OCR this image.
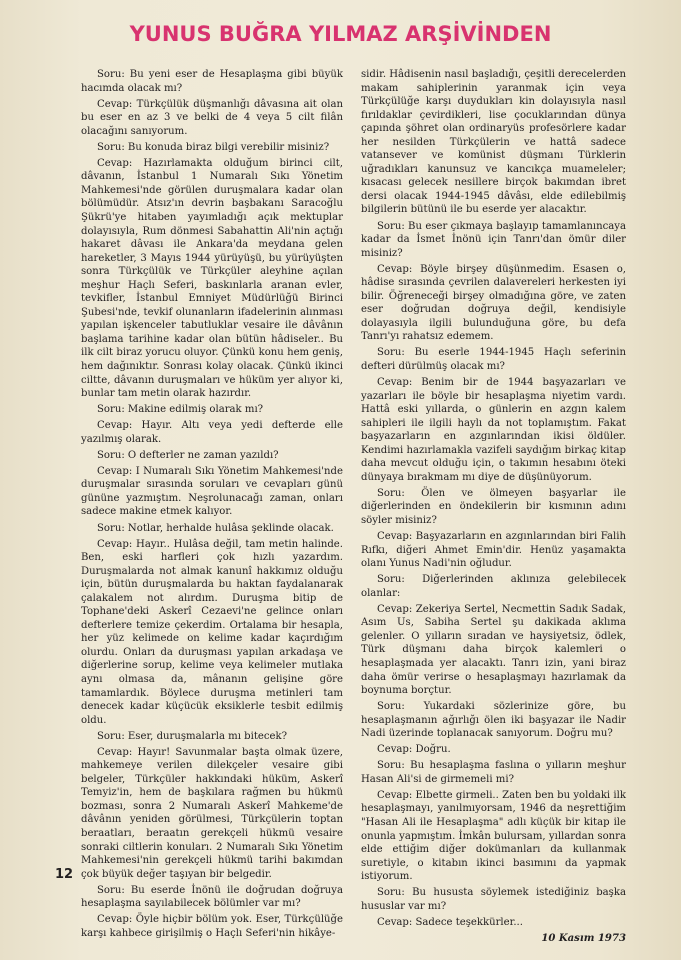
YUNUS BUĞRA YILMAZ ARŞİVİNDEN

Soru: Bu yeni eser de Hesaplaşma gibi büyük hacımda olacak mı?

Cevap: Türkçülük düşmanlığı dâvasına ait olan bu eser en az 3 ve belki de 4 veya 5 cilt filân olacağını sanıyorum.

Soru: Bu konuda biraz bilgi verebilir misiniz?

Cevap: Hazırlamakta olduğum birinci cilt, dâvanın, İstanbul 1 Numaralı Sıkı Yönetim Mahkemesi'nde görülen duruşmalara kadar olan bölümüdür. Atsız'ın devrin başbakanı Saracoğlu Şükrü'ye hitaben yayımladığı açık mektuplar dolayısıyla, Rum dönmesi Sabahattin Ali'nin açtığı hakaret dâvası ile Ankara'da meydana gelen hareketler, 3 Mayıs 1944 yürüyüşü, bu yürüyüşten sonra Türkçülük ve Türkçüler aleyhine açılan meşhur Haçlı Seferi, baskınlarla aranan evler, tevkifler, İstanbul Emniyet Müdürlüğü Birinci Şubesi'nde, tevkif olunanların ifadelerinin alınması yapılan işkenceler tabutluklar vesaire ile dâvânın başlama tarihine kadar olan bütün hâdiseler.. Bu ilk cilt biraz yorucu oluyor. Çünkü konu hem geniş, hem dağınıktır. Sonrası kolay olacak. Çünkü ikinci ciltte, dâvanın duruşmaları ve hüküm yer alıyor ki, bunlar tam metin olarak hazırdır.

Soru: Makine edilmiş olarak mı?

Cevap: Hayır. Altı veya yedi defterde elle yazılmış olarak.

Soru: O defterler ne zaman yazıldı?

Cevap: I Numaralı Sıkı Yönetim Mahkemesi'nde duruşmalar sırasında soruları ve cevapları günü gününe yazmıştım. Neşrolunacağı zaman, onları sadece makine etmek kalıyor.

Soru: Notlar, herhalde hulâsa şeklinde olacak.

Cevap: Hayır.. Hulâsa değil, tam metin halinde. Ben, eski harfleri çok hızlı yazardım. Duruşmalarda not almak kanunî hakkımız olduğu için, bütün duruşmalarda bu haktan faydalanarak çalakalem not alırdım. Duruşma bitip de Tophane'deki Askerî Cezaevi'ne gelince onları defterlere temize çekerdim. Ortalama bir hesapla, her yüz kelimede on kelime kadar kaçırdığım olurdu. Onları da duruşması yapılan arkadaşa ve diğerlerine sorup, kelime veya kelimeler mutlaka aynı olmasa da, mânanın gelişine göre tamamlardık. Böylece duruşma metinleri tam denecek kadar küçücük eksiklerle tesbit edilmiş oldu.

Soru: Eser, duruşmalarla mı bitecek?

Cevap: Hayır! Savunmalar başta olmak üzere, mahkemeye verilen dilekçeler vesaire gibi belgeler, Türkçüler hakkındaki hüküm, Askerî Temyiz'in, hem de başkılara rağmen bu hükmü bozması, sonra 2 Numaralı Askerî Mahkeme'de dâvânın yeniden görülmesi, Türkçülerin toptan beraatları, beraatın gerekçeli hükmü vesaire sonraki ciltlerin konuları. 2 Numaralı Sıkı Yönetim Mahkemesi'nin gerekçeli hükmü tarihi bakımdan çok büyük değer taşıyan bir belgedir.

Soru: Bu eserde İnönü ile doğrudan doğruya hesaplaşma sayılabilecek bölümler var mı?

Cevap: Öyle hiçbir bölüm yok. Eser, Türkçülüğe karşı kahbece girişilmiş o Haçlı Seferi'nin hikâye-

sidir. Hâdisenin nasıl başladığı, çeşitli derecelerden makam sahiplerinin yaranmak için veya Türkçülüğe karşı duydukları kin dolayısıyla nasıl fırıldaklar çevirdikleri, lise çocuklarından dünya çapında şöhret olan ordinaryüs profesörlere kadar her nesilden Türkçülerin ve hattâ sadece vatansever ve komünist düşmanı Türklerin uğradıkları kanunsuz ve kancıkça muameleler; kısacası gelecek nesillere birçok bakımdan ibret dersi olacak 1944-1945 dâvâsı, elde edilebilmiş bilgilerin bütünü ile bu eserde yer alacaktır.

Soru: Bu eser çıkmaya başlayıp tamamlanıncaya kadar da İsmet İnönü için Tanrı'dan ömür diler misiniz?

Cevap: Böyle birşey düşünmedim. Esasen o, hâdise sırasında çevrilen dalavereleri herkesten iyi bilir. Öğreneceği birşey olmadığına göre, ve zaten eser doğrudan doğruya değil, kendisiyle dolayasıyla ilgili bulunduğuna göre, bu defa Tanrı'yı rahatsız edemem.

Soru: Bu eserle 1944-1945 Haçlı seferinin defteri dürülmüş olacak mı?

Cevap: Benim bir de 1944 başyazarları ve yazarları ile böyle bir hesaplaşma niyetim vardı. Hattâ eski yıllarda, o günlerin en azgın kalem sahipleri ile ilgili haylı da not toplamıştım. Fakat başyazarların en azgınlarından ikisi öldüler. Kendimi hazırlamakla vazifeli saydığım birkaç kitap daha mevcut olduğu için, o takımın hesabını öteki dünyaya bırakmam mı diye de düşünüyorum.

Soru: Ölen ve ölmeyen başyarlar ile diğerlerinden en öndekilerin bir kısmının adını söyler misiniz?

Cevap: Başyazarların en azgınlarından biri Falih Rıfkı, diğeri Ahmet Emin'dir. Henüz yaşamakta olanı Yunus Nadi'nin oğludur.

Soru: Diğerlerinden aklınıza gelebilecek olanlar:

Cevap: Zekeriya Sertel, Necmettin Sadık Sadak, Asım Us, Sabiha Sertel şu dakikada aklıma gelenler. O yılların sıradan ve haysiyetsiz, ödlek, Türk düşmanı daha birçok kalemleri o hesaplaşmada yer alacaktı. Tanrı izin, yani biraz daha ömür verirse o hesaplaşmayı hazırlamak da boynuma borçtur.

Soru: Yukardaki sözlerinize göre, bu hesaplaşmanın ağırlığı ölen iki başyazar ile Nadir Nadi üzerinde toplanacak sanıyorum. Doğru mu?

Cevap: Doğru.

Soru: Bu hesaplaşma faslına o yılların meşhur Hasan Ali'si de girmemeli mi?

Cevap: Elbette girmeli.. Zaten ben bu yoldaki ilk hesaplaşmayı, yanılmıyorsam, 1946 da neşrettiğim "Hasan Ali ile Hesaplaşma" adlı küçük bir kitap ile onunla yapmıştım. İmkân bulursam, yıllardan sonra elde ettiğim diğer dokümanları da kullanmak suretiyle, o kitabın ikinci basımını da yapmak istiyorum.

Soru: Bu hususta söylemek istediğiniz başka hususlar var mı?

Cevap: Sadece teşekkürler...

10 Kasım 1973

12
